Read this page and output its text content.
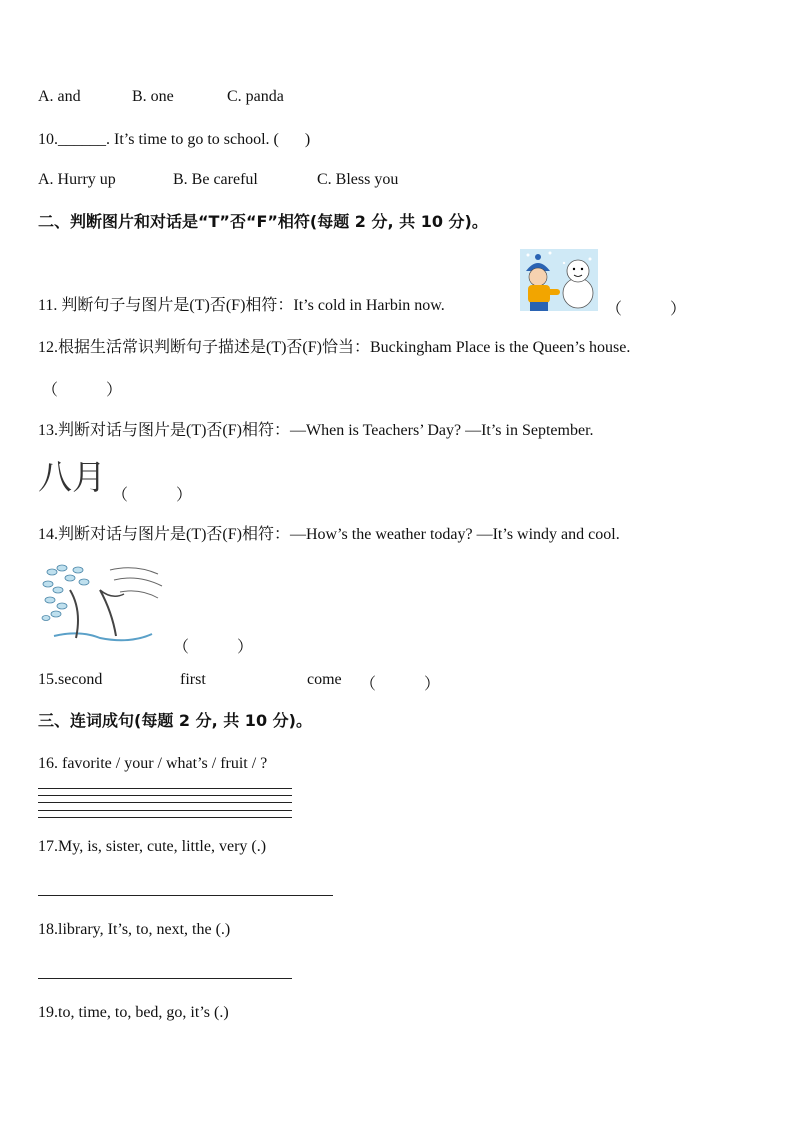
A. and	B. one	C. panda
10.______. It’s time to go to school. ( )
A. Hurry up	B. Be careful	C. Bless you
二、判断图片和对话是“T”否“F”相符(每题 2 分, 共 10 分)。
11. 判断句子与图片是(T)否(F)相符：It’s cold in Harbin now.	（　　　）
12.根据生活常识判断句子描述是(T)否(F)恰当：Buckingham Place is the Queen’s house.
（　　　）
13.判断对话与图片是(T)否(F)相符：—When is Teachers’ Day? —It’s in September.
八月 （　　　）
14.判断对话与图片是(T)否(F)相符：—How’s the weather today? —It’s windy and cool.
（　　　）
15.second	first	come （　　　）
三、连词成句(每题 2 分, 共 10 分)。
16. favorite / your / what’s / fruit / ?
17.My, is, sister, cute, little, very (.)
18.library, It’s, to, next, the (.)
19.to, time, to, bed, go, it’s (.)
